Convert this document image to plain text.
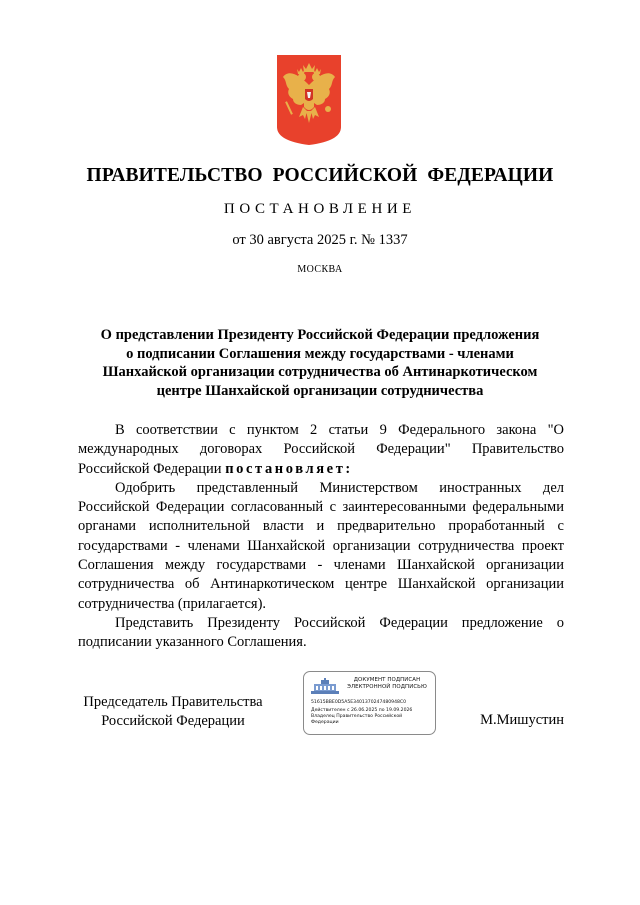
ПРАВИТЕЛЬСТВО РОССИЙСКОЙ ФЕДЕРАЦИИ
ПОСТАНОВЛЕНИЕ
от 30 августа 2025 г. № 1337
МОСКВА
О представлении Президенту Российской Федерации предложения
о подписании Соглашения между государствами - членами
Шанхайской организации сотрудничества об Антинаркотическом
центре Шанхайской организации сотрудничества

В соответствии с пунктом 2 статьи 9 Федерального закона "О международных договорах Российской Федерации" Правительство Российской Федерации постановляет:

Одобрить представленный Министерством иностранных дел Российской Федерации согласованный с заинтересованными федеральными органами исполнительной власти и предварительно проработанный с государствами - членами Шанхайской организации сотрудничества проект Соглашения между государствами - членами Шанхайской организации сотрудничества об Антинаркотическом центре Шанхайской организации сотрудничества (прилагается).

Представить Президенту Российской Федерации предложение о подписании указанного Соглашения.

Председатель Правительства
Российской Федерации
ДОКУМЕНТ ПОДПИСАН
ЭЛЕКТРОННОЙ ПОДПИСЬЮ
51615BBE0D5A5E3401370247480948C0
Действителен с 26.06.2025 по 19.09.2026
Владелец Правительство Российской Федерации	М.Мишустин
